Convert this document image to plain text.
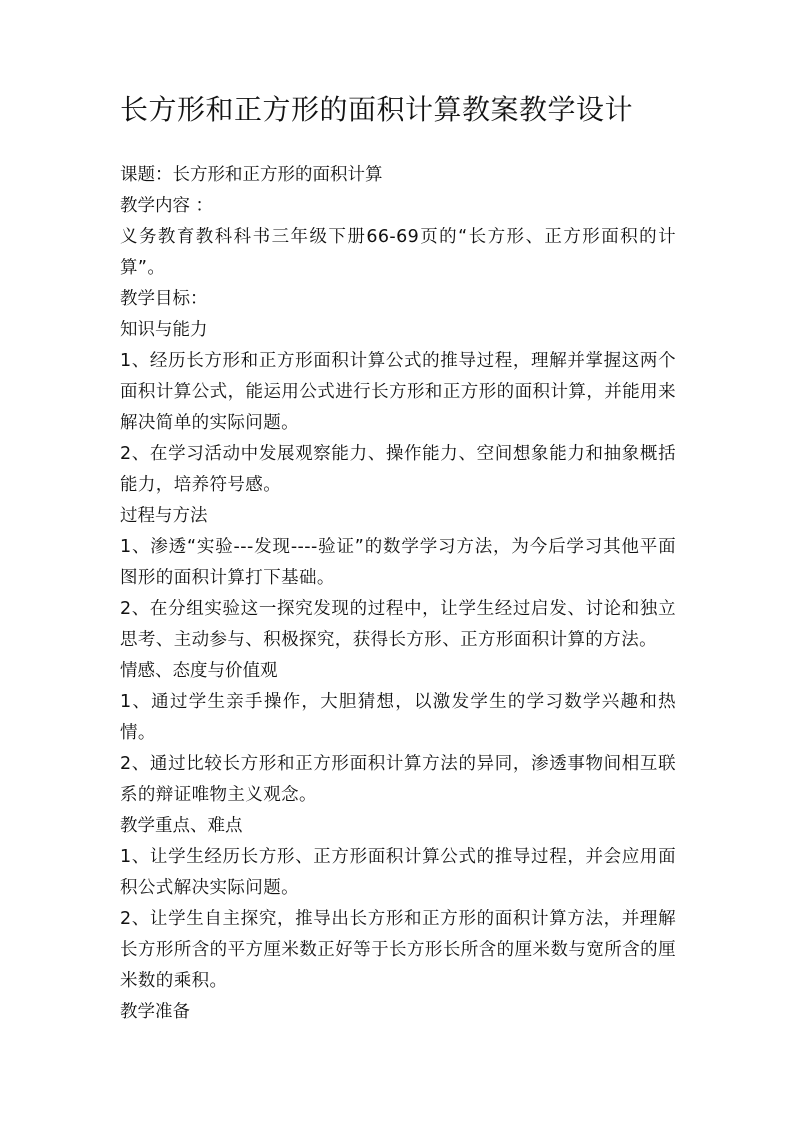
长方形和正方形的面积计算教案教学设计

课题：长方形和正方形的面积计算

教学内容 ：

义务教育教科科书三年级下册66-69页的“长方形、正方形面积的计算”。

教学目标：

知识与能力

1、经历长方形和正方形面积计算公式的推导过程，理解并掌握这两个面积计算公式，能运用公式进行长方形和正方形的面积计算，并能用来解决简单的实际问题。

2、在学习活动中发展观察能力、操作能力、空间想象能力和抽象概括能力，培养符号感。

过程与方法

1、渗透“实验---发现----验证”的数学学习方法，为今后学习其他平面图形的面积计算打下基础。

2、在分组实验这一探究发现的过程中，让学生经过启发、讨论和独立思考、主动参与、积极探究，获得长方形、正方形面积计算的方法。

情感、态度与价值观

1、通过学生亲手操作，大胆猜想，以激发学生的学习数学兴趣和热情。

2、通过比较长方形和正方形面积计算方法的异同，渗透事物间相互联系的辩证唯物主义观念。

教学重点、难点

1、让学生经历长方形、正方形面积计算公式的推导过程，并会应用面积公式解决实际问题。

2、让学生自主探究，推导出长方形和正方形的面积计算方法，并理解长方形所含的平方厘米数正好等于长方形长所含的厘米数与宽所含的厘米数的乘积。

教学准备
